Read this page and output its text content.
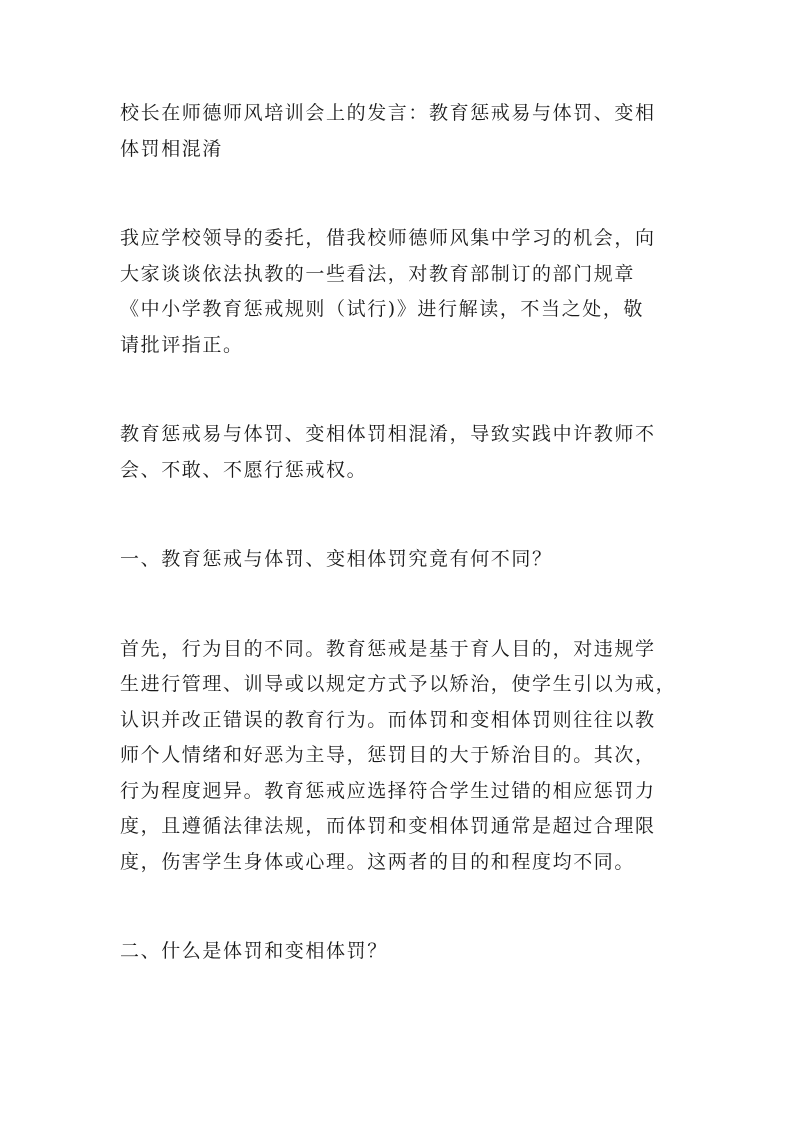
校长在师德师风培训会上的发言：教育惩戒易与体罚、变相
体罚相混淆

我应学校领导的委托，借我校师德师风集中学习的机会，向
大家谈谈依法执教的一些看法，对教育部制订的部门规章
《中小学教育惩戒规则（试行)》进行解读，不当之处，敬
请批评指正。

教育惩戒易与体罚、变相体罚相混淆，导致实践中许教师不
会、不敢、不愿行惩戒权。

一、教育惩戒与体罚、变相体罚究竟有何不同？

首先，行为目的不同。教育惩戒是基于育人目的，对违规学
生进行管理、训导或以规定方式予以矫治，使学生引以为戒，
认识并改正错误的教育行为。而体罚和变相体罚则往往以教
师个人情绪和好恶为主导，惩罚目的大于矫治目的。其次，
行为程度迥异。教育惩戒应选择符合学生过错的相应惩罚力
度，且遵循法律法规，而体罚和变相体罚通常是超过合理限
度，伤害学生身体或心理。这两者的目的和程度均不同。

二、什么是体罚和变相体罚？
